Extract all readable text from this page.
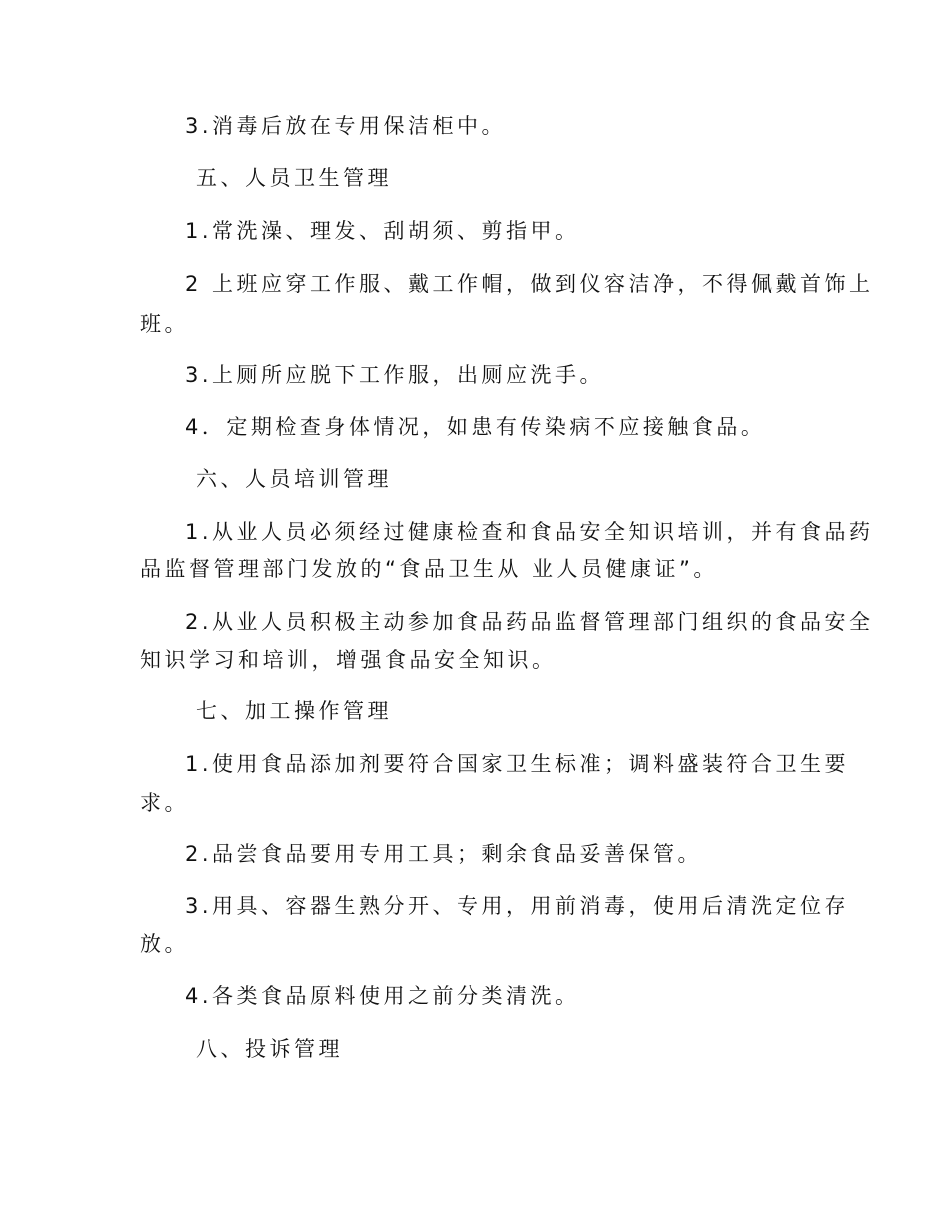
3.消毒后放在专用保洁柜中。
五、人员卫生管理
1.常洗澡、理发、刮胡须、剪指甲。
2 上班应穿工作服、戴工作帽，做到仪容洁净，不得佩戴首饰上
班。
3.上厕所应脱下工作服，出厕应洗手。
4．定期检查身体情况，如患有传染病不应接触食品。
六、人员培训管理
1.从业人员必须经过健康检查和食品安全知识培训，并有食品药
品监督管理部门发放的“食品卫生从 业人员健康证”。
2.从业人员积极主动参加食品药品监督管理部门组织的食品安全
知识学习和培训，增强食品安全知识。
七、加工操作管理
1.使用食品添加剂要符合国家卫生标准；调料盛装符合卫生要
求。
2.品尝食品要用专用工具；剩余食品妥善保管。
3.用具、容器生熟分开、专用，用前消毒，使用后清洗定位存
放。
4.各类食品原料使用之前分类清洗。
八、投诉管理
